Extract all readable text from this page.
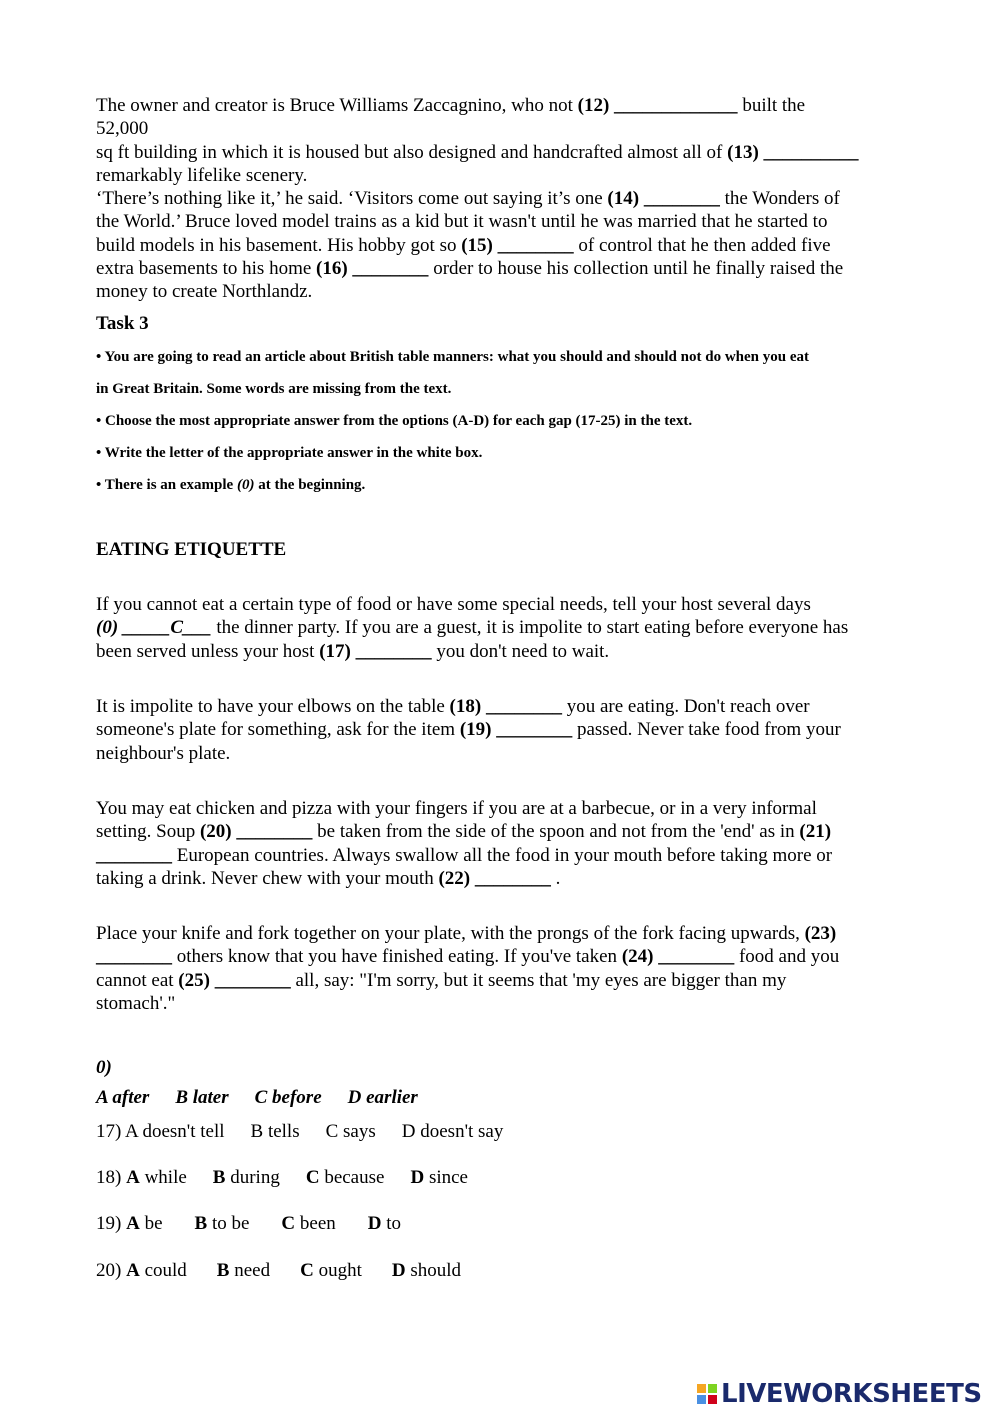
The owner and creator is Bruce Williams Zaccagnino, who not (12) _____________ built the
52,000
sq ft building in which it is housed but also designed and handcrafted almost all of (13) __________
remarkably lifelike scenery.
‘There’s nothing like it,’ he said. ‘Visitors come out saying it’s one (14) ________ the Wonders of
the World.’ Bruce loved model trains as a kid but it wasn't until he was married that he started to
build models in his basement. His hobby got so (15) ________ of control that he then added five
extra basements to his home (16) ________ order to house his collection until he finally raised the
money to create Northlandz.
Task 3
• You are going to read an article about British table manners: what you should and should not do when you eat
in Great Britain. Some words are missing from the text.
• Choose the most appropriate answer from the options (A-D) for each gap (17-25) in the text.
• Write the letter of the appropriate answer in the white box.
• There is an example (0) at the beginning.
EATING ETIQUETTE
If you cannot eat a certain type of food or have some special needs, tell your host several days
(0) _____C___ the dinner party. If you are a guest, it is impolite to start eating before everyone has
been served unless your host (17) ________ you don't need to wait.
It is impolite to have your elbows on the table (18) ________ you are eating. Don't reach over
someone's plate for something, ask for the item (19) ________ passed. Never take food from your
neighbour's plate.
You may eat chicken and pizza with your fingers if you are at a barbecue, or in a very informal
setting. Soup (20) ________ be taken from the side of the spoon and not from the 'end' as in (21)
________ European countries. Always swallow all the food in your mouth before taking more or
taking a drink. Never chew with your mouth (22) ________ .
Place your knife and fork together on your plate, with the prongs of the fork facing upwards, (23)
________ others know that you have finished eating. If you've taken (24) ________ food and you
cannot eat (25) ________ all, say: "I'm sorry, but it seems that 'my eyes are bigger than my
stomach'."
0)
A after B later C before D earlier
17) A doesn't tell B tells C says D doesn't say
18) A while B during C because D since
19) A be B to be C been D to
20) A could B need C ought D should
LIVEWORKSHEETS
